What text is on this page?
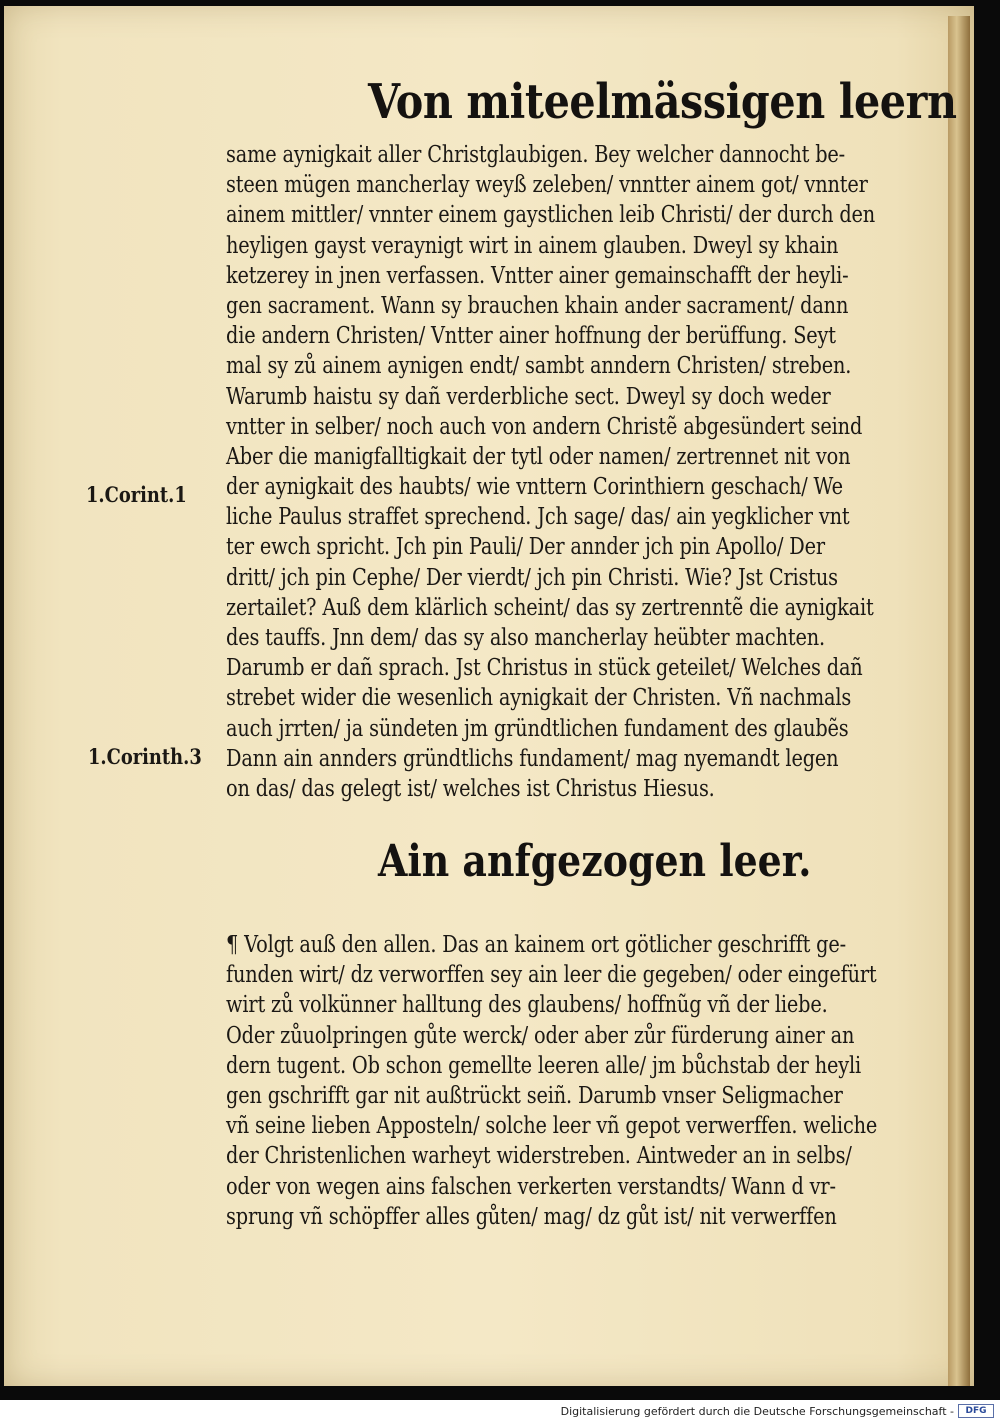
Von miteelmässigen leern
same aynigkait aller Christglaubigen. Bey welcher dannocht be-
steen mügen mancherlay weyß zeleben/ vnntter ainem got/ vnnter
ainem mittler/ vnnter einem gaystlichen leib Christi/ der durch den
heyligen gayst veraynigt wirt in ainem glauben. Dweyl sy khain
ketzerey in jnen verfassen. Vntter ainer gemainschafft der heyli-
gen sacrament. Wann sy brauchen khain ander sacrament/ dann
die andern Christen/ Vntter ainer hoffnung der berüffung. Seyt
mal sy zů ainem aynigen endt/ sambt anndern Christen/ streben.
Warumb haistu sy dañ verderbliche sect. Dweyl sy doch weder
vntter in selber/ noch auch von andern Christẽ abgesündert seind
Aber die manigfalltigkait der tytl oder namen/ zertrennet nit von
der aynigkait des haubts/ wie vnttern Corinthiern geschach/ We
liche Paulus straffet sprechend. Jch sage/ das/ ain yegklicher vnt
ter ewch spricht. Jch pin Pauli/ Der annder jch pin Apollo/ Der
dritt/ jch pin Cephe/ Der vierdt/ jch pin Christi. Wie? Jst Cristus
zertailet? Auß dem klärlich scheint/ das sy zertrenntẽ die aynigkait
des tauffs. Jnn dem/ das sy also mancherlay heübter machten.
Darumb er dañ sprach. Jst Christus in stück geteilet/ Welches dañ
strebet wider die wesenlich aynigkait der Christen. Vñ nachmals
auch jrrten/ ja sündeten jm gründtlichen fundament des glaubẽs
Dann ain annders gründtlichs fundament/ mag nyemandt legen
on das/ das gelegt ist/ welches ist Christus Hiesus.
1.Corint.1
1.Corinth.3
Ain anfgezogen leer.
¶ Volgt auß den allen. Das an kainem ort götlicher geschrifft ge-
funden wirt/ dz verworffen sey ain leer die gegeben/ oder eingefürt
wirt zů volkünner halltung des glaubens/ hoffnũg vñ der liebe.
Oder zůuolpringen gůte werck/ oder aber zůr fürderung ainer an
dern tugent. Ob schon gemellte leeren alle/ jm bůchstab der heyli
gen gschrifft gar nit außtrückt seiñ. Darumb vnser Seligmacher
vñ seine lieben Apposteln/ solche leer vñ gepot verwerffen. weliche
der Christenlichen warheyt widerstreben. Aintweder an in selbs/
oder von wegen ains falschen verkerten verstandts/ Wann d vr-
sprung vñ schöpffer alles gůten/ mag/ dz gůt ist/ nit verwerffen
Digitalisierung gefördert durch die Deutsche Forschungsgemeinschaft -	DFG
